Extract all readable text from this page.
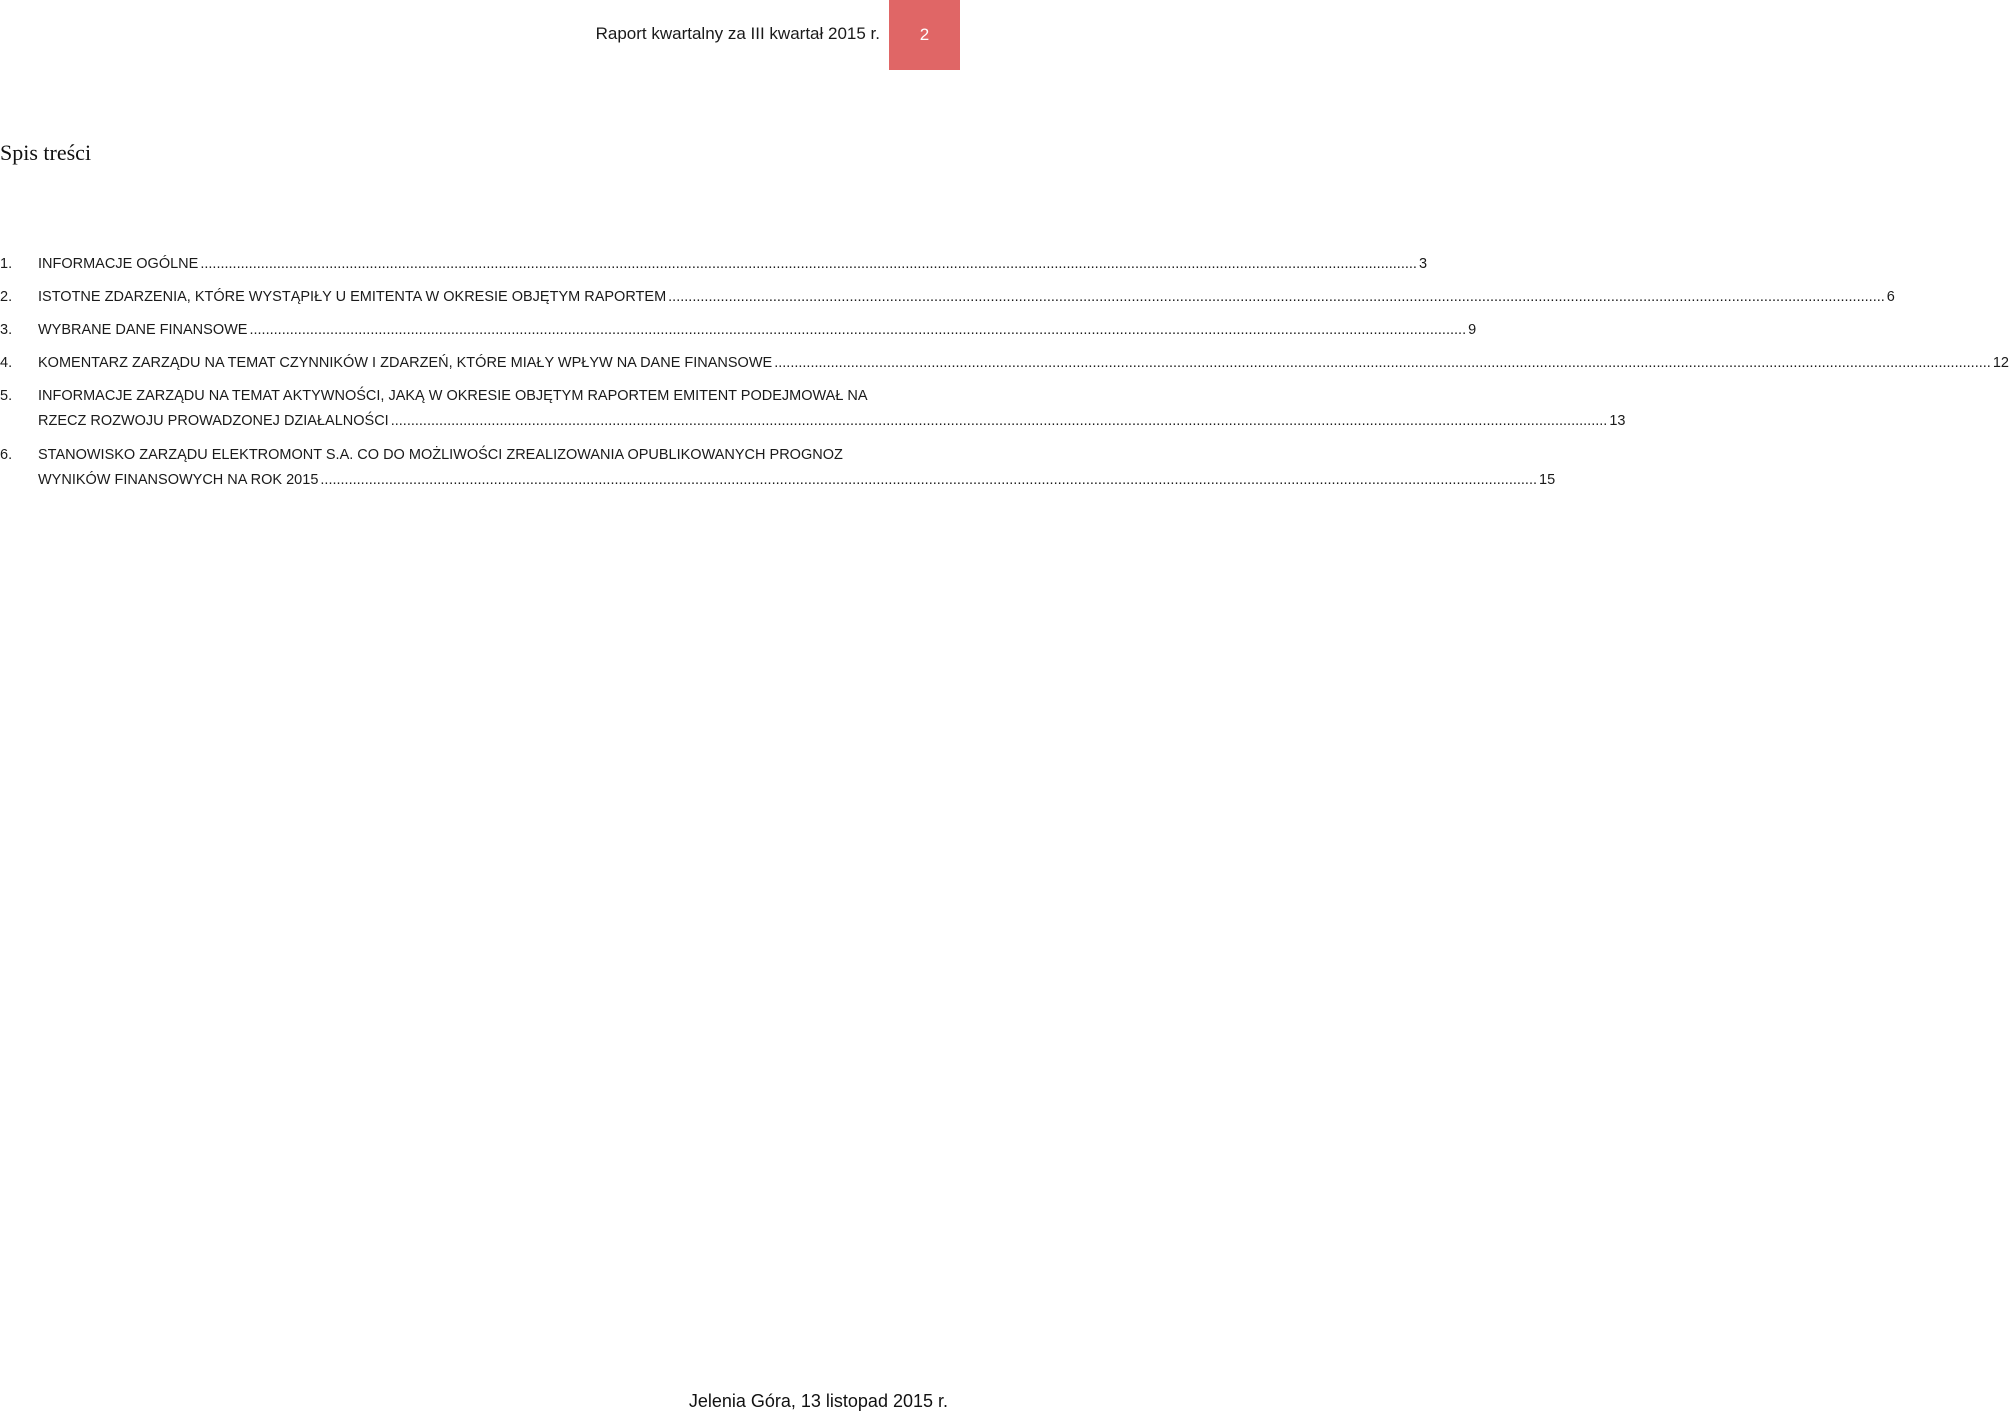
Raport kwartalny za III kwartał 2015 r.	2
Spis treści
1.	INFORMACJE OGÓLNE .....	3
2.	ISTOTNE ZDARZENIA, KTÓRE WYSTĄPIŁY U EMITENTA W OKRESIE OBJĘTYM RAPORTEM .....	6
3.	WYBRANE DANE FINANSOWE .....	9
4.	KOMENTARZ ZARZĄDU NA TEMAT CZYNNIKÓW I ZDARZEŃ, KTÓRE MIAŁY WPŁYW NA DANE FINANSOWE .....	12
5.	INFORMACJE ZARZĄDU NA TEMAT AKTYWNOŚCI, JAKĄ W OKRESIE OBJĘTYM RAPORTEM EMITENT PODEJMOWAŁ NA
RZECZ ROZWOJU PROWADZONEJ DZIAŁALNOŚCI .....	13
6.	STANOWISKO ZARZĄDU ELEKTROMONT S.A. CO DO MOŻLIWOŚCI ZREALIZOWANIA OPUBLIKOWANYCH PROGNOZ
WYNIKÓW FINANSOWYCH NA ROK 2015 .....	15
Jelenia Góra, 13 listopad 2015 r.
